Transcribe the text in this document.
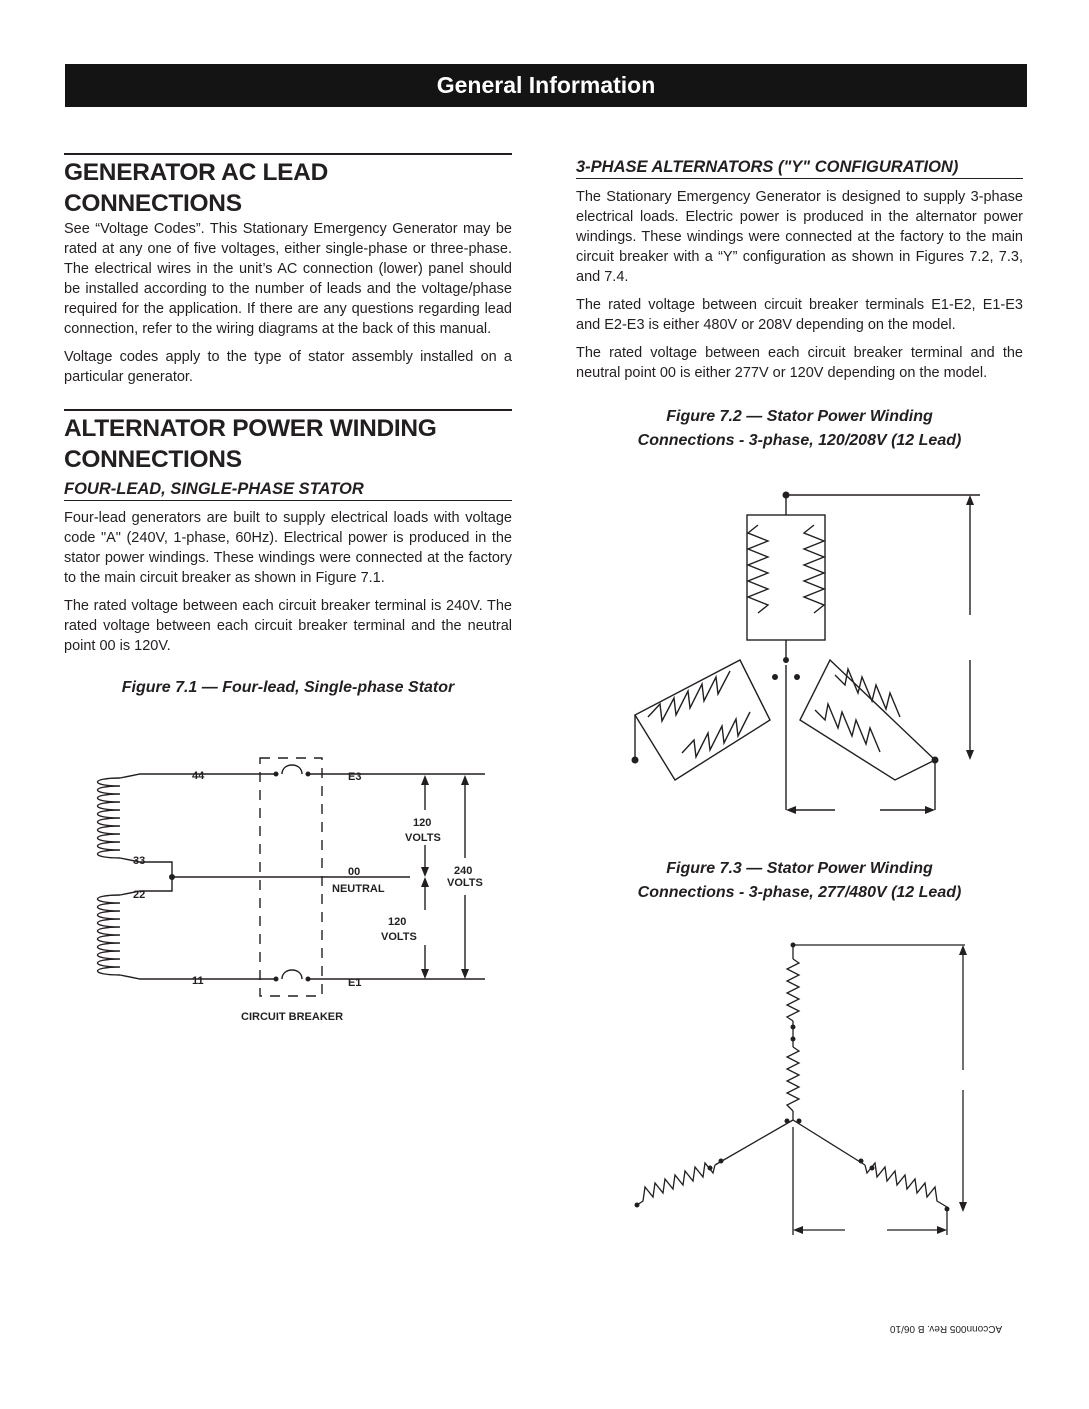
General Information
GENERATOR AC LEAD CONNECTIONS

See “Voltage Codes”. This Stationary Emergency Generator may be rated at any one of five voltages, either single-phase or three-phase. The electrical wires in the unit’s AC connection (lower) panel should be installed according to the number of leads and the voltage/phase required for the application. If there are any questions regarding lead connection, refer to the wiring diagrams at the back of this manual.

Voltage codes apply to the type of stator assembly installed on a particular generator.

ALTERNATOR POWER WINDING CONNECTIONS
FOUR-LEAD, SINGLE-PHASE STATOR

Four-lead generators are built to supply electrical loads with voltage code "A" (240V, 1-phase, 60Hz). Electrical power is produced in the stator power windings. These windings were connected at the factory to the main circuit breaker as shown in Figure 7.1.

The rated voltage between each circuit breaker terminal is 240V. The rated voltage between each circuit breaker terminal and the neutral point 00 is 120V.

Figure 7.1 — Four-lead, Single-phase Stator

44
33
22
11
E3
E1
00
NEUTRAL
120
VOLTS
240
VOLTS
120
VOLTS
CIRCUIT BREAKER
3-PHASE ALTERNATORS ("Y" CONFIGURATION)

The Stationary Emergency Generator is designed to supply 3-phase electrical loads. Electric power is produced in the alternator power windings. These windings were connected at the factory to the main circuit breaker with a “Y” configuration as shown in Figures 7.2, 7.3, and 7.4.

The rated voltage between circuit breaker terminals E1-E2, E1-E3 and E2-E3 is either 480V or 208V depending on the model.

The rated voltage between each circuit breaker terminal and the neutral point 00 is either 277V or 120V depending on the model.

Figure 7.2 — Stator Power Winding

Connections - 3-phase, 120/208V (12 Lead)

Figure 7.3 — Stator Power Winding

Connections - 3-phase, 277/480V (12 Lead)

ACconn005 Rev. B 06/10
